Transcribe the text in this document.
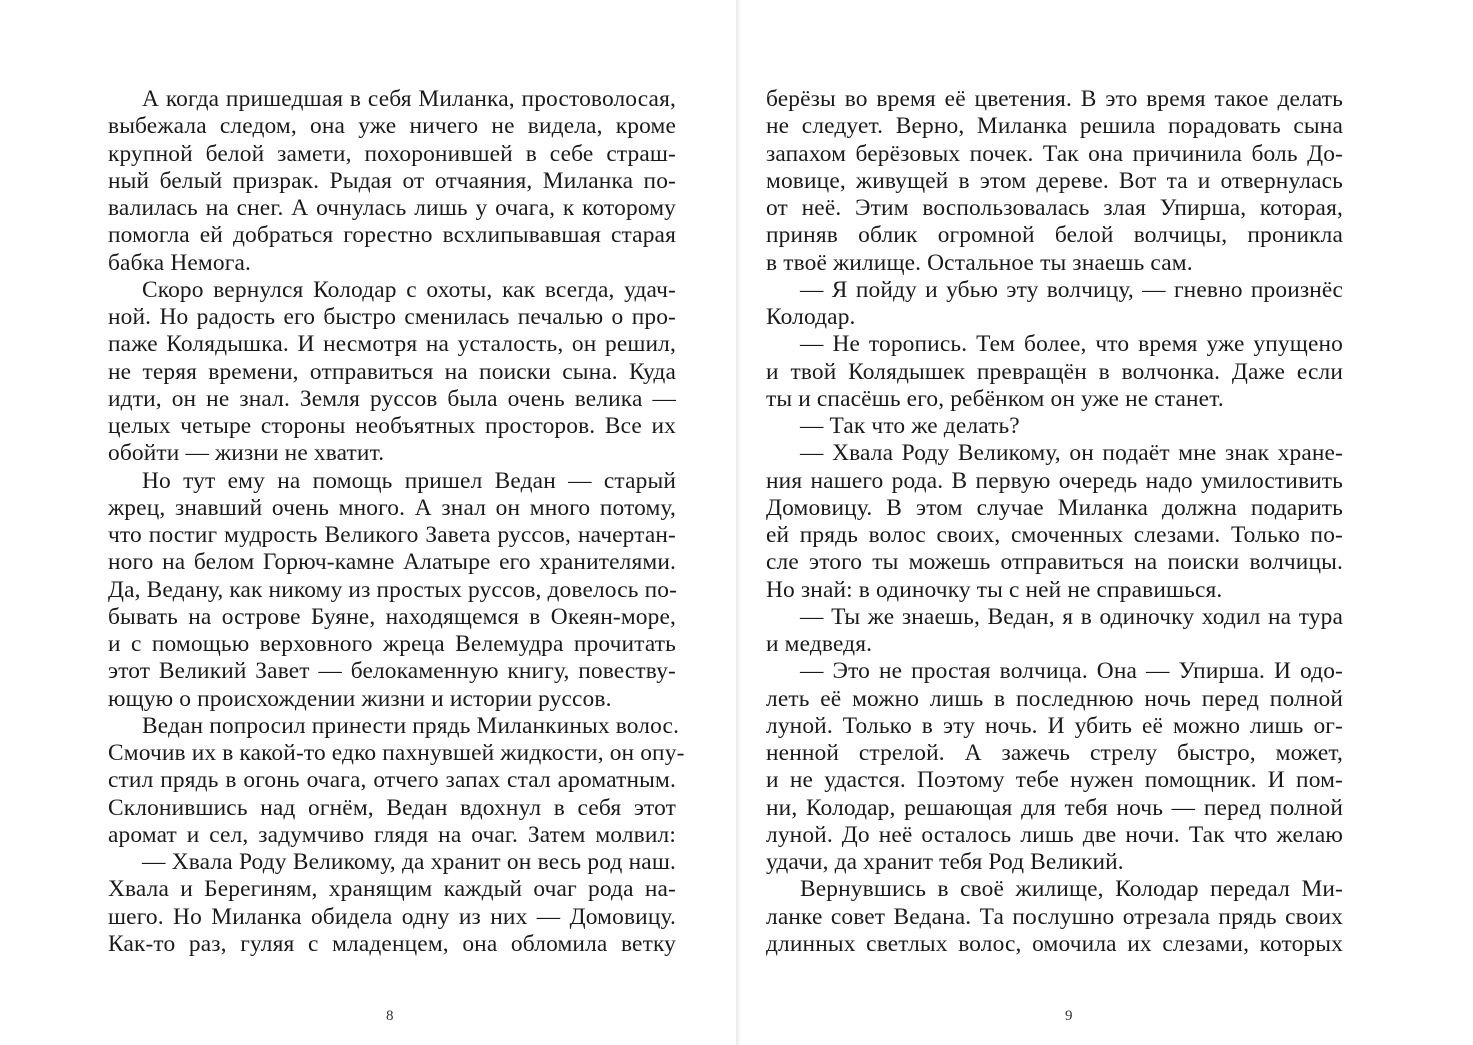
А когда пришедшая в себя Миланка, простоволосая,
выбежала следом, она уже ничего не видела, кроме
крупной белой замети, похоронившей в себе страш-
ный белый призрак. Рыдая от отчаяния, Миланка по-
валилась на снег. А очнулась лишь у очага, к которому
помогла ей добраться горестно всхлипывавшая старая
бабка Немога.
Скоро вернулся Колодар с охоты, как всегда, удач-
ной. Но радость его быстро сменилась печалью о про-
паже Колядышка. И несмотря на усталость, он решил,
не теряя времени, отправиться на поиски сына. Куда
идти, он не знал. Земля руссов была очень велика —
целых четыре стороны необъятных просторов. Все их
обойти — жизни не хватит.
Но тут ему на помощь пришел Ведан — старый
жрец, знавший очень много. А знал он много потому,
что постиг мудрость Великого Завета руссов, начертан-
ного на белом Горюч-камне Алатыре его хранителями.
Да, Ведану, как никому из простых руссов, довелось по-
бывать на острове Буяне, находящемся в Океян-море,
и с помощью верховного жреца Велемудра прочитать
этот Великий Завет — белокаменную книгу, повеству-
ющую о происхождении жизни и истории руссов.
Ведан попросил принести прядь Миланкиных волос.
Смочив их в какой-то едко пахнувшей жидкости, он опу-
стил прядь в огонь очага, отчего запах стал ароматным.
Склонившись над огнём, Ведан вдохнул в себя этот
аромат и сел, задумчиво глядя на очаг. Затем молвил:
— Хвала Роду Великому, да хранит он весь род наш.
Хвала и Берегиням, хранящим каждый очаг рода на-
шего. Но Миланка обидела одну из них — Домовицу.
Как-то раз, гуляя с младенцем, она обломила ветку
8
берёзы во время её цветения. В это время такое делать
не следует. Верно, Миланка решила порадовать сына
запахом берёзовых почек. Так она причинила боль До-
мовице, живущей в этом дереве. Вот та и отвернулась
от неё. Этим воспользовалась злая Упирша, которая,
приняв облик огромной белой волчицы, проникла
в твоё жилище. Остальное ты знаешь сам.
— Я пойду и убью эту волчицу, — гневно произнёс
Колодар.
— Не торопись. Тем более, что время уже упущено
и твой Колядышек превращён в волчонка. Даже если
ты и спасёшь его, ребёнком он уже не станет.
— Так что же делать?
— Хвала Роду Великому, он подаёт мне знак хране-
ния нашего рода. В первую очередь надо умилостивить
Домовицу. В этом случае Миланка должна подарить
ей прядь волос своих, смоченных слезами. Только по-
сле этого ты можешь отправиться на поиски волчицы.
Но знай: в одиночку ты с ней не справишься.
— Ты же знаешь, Ведан, я в одиночку ходил на тура
и медведя.
— Это не простая волчица. Она — Упирша. И одо-
леть её можно лишь в последнюю ночь перед полной
луной. Только в эту ночь. И убить её можно лишь ог-
ненной стрелой. А зажечь стрелу быстро, может,
и не удастся. Поэтому тебе нужен помощник. И пом-
ни, Колодар, решающая для тебя ночь — перед полной
луной. До неё осталось лишь две ночи. Так что желаю
удачи, да хранит тебя Род Великий.
Вернувшись в своё жилище, Колодар передал Ми-
ланке совет Ведана. Та послушно отрезала прядь своих
длинных светлых волос, омочила их слезами, которых
9
